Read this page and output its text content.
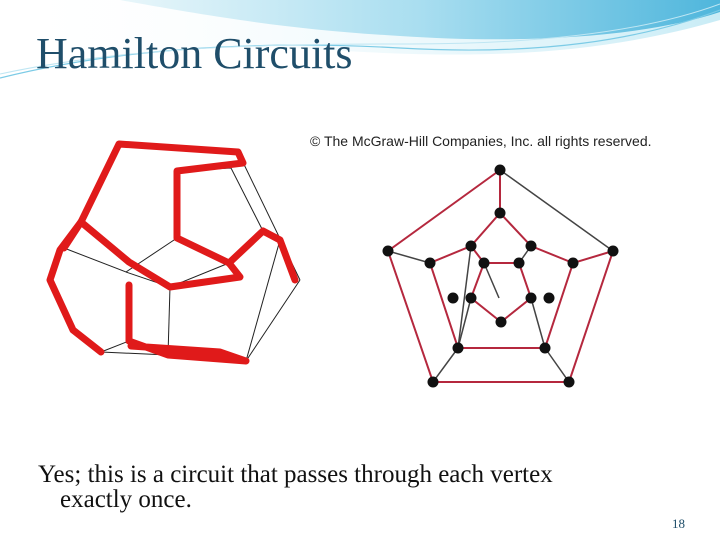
Hamilton Circuits
© The McGraw-Hill Companies, Inc. all rights reserved.
Yes; this is a circuit that passes through each vertex
exactly once.
18
